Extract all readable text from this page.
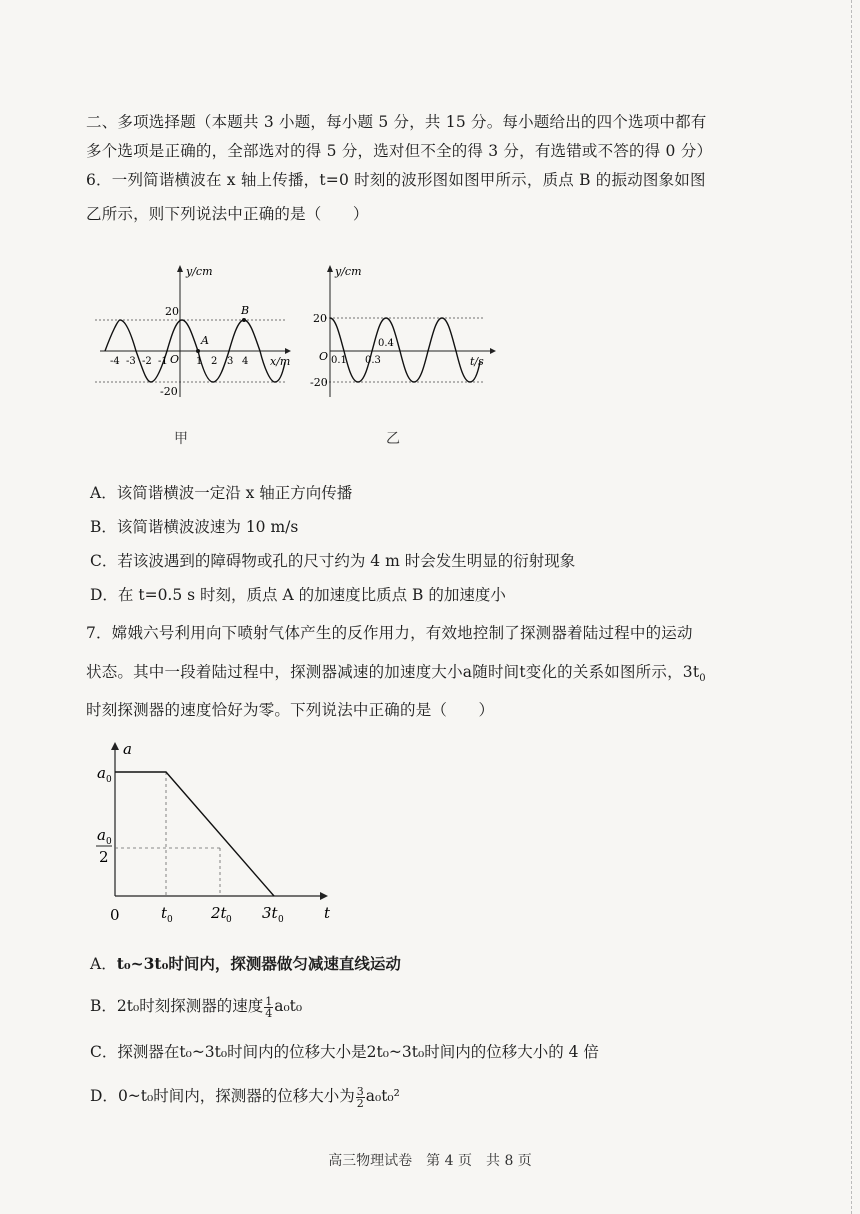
二、多项选择题（本题共 3 小题，每小题 5 分，共 15 分。每小题给出的四个选项中都有
多个选项是正确的，全部选对的得 5 分，选对但不全的得 3 分，有选错或不答的得 0 分）
6．一列简谐横波在 x 轴上传播，t=0 时刻的波形图如图甲所示，质点 B 的振动图象如图
乙所示，则下列说法中正确的是（　　）
20
-20
y/cm
x/m
O
A
B
-4 -3 -2 -1	1 2 3 4
甲
20
-20
y/cm
t/s
O 0.1 0.3
0.4
乙
A．该简谐横波一定沿 x 轴正方向传播
B．该简谐横波波速为 10 m/s
C．若该波遇到的障碍物或孔的尺寸约为 4 m 时会发生明显的衍射现象
D．在 t=0.5 s 时刻，质点 A 的加速度比质点 B 的加速度小
7．嫦娥六号利用向下喷射气体产生的反作用力，有效地控制了探测器着陆过程中的运动
状态。其中一段着陆过程中，探测器减速的加速度大小a随时间t变化的关系如图所示，$3t_0$
时刻探测器的速度恰好为零。下列说法中正确的是（　　）
a
t
a 0
a 0
2
0	t 0	2t 0 3t 0
A．t₀~3t₀时间内，探测器做匀减速直线运动
B．2t₀时刻探测器的速度 $\frac{1}{4} a_0t_0$
C．探测器在t₀~3t₀时间内的位移大小是2t₀~3t₀时间内的位移大小的 4 倍
D．0~t₀时间内，探测器的位移大小为 $\frac{3}{2} a_0t_0^2$
高三物理试卷　第 4 页　共 8 页
